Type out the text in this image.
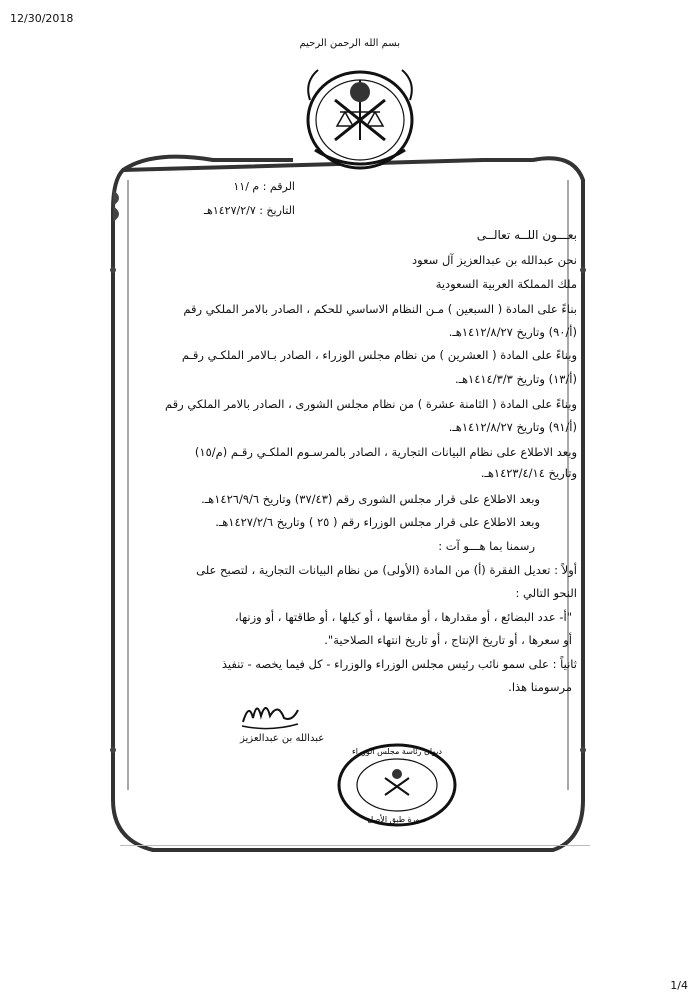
12/30/2018
1/4
بسم الله الرحمن الرحيم
الرقم : م /١١
التاريخ : ١٤٢٧/٢/٧هـ
بعـــون اللــه تعالــى
نحن عبدالله بن عبدالعزيز آل سعود
ملك المملكة العربية السعودية
بناءً على المادة ( السبعين ) مـن النظام الاساسي للحكم ، الصادر بالامر الملكي رقم
(أ/٩٠) وتاريخ ١٤١٢/٨/٢٧هـ.
وبناءً على المادة ( العشرين ) من نظام مجلس الوزراء ، الصادر بـالامر الملكـي رقـم
(أ/١٣) وتاريخ ١٤١٤/٣/٣هـ.
وبناءً على المادة ( الثامنة عشرة ) من نظام مجلس الشورى ، الصادر بالامر الملكي رقم
(أ/٩١) وتاريخ ١٤١٢/٨/٢٧هـ.
وبعد الاطلاع على نظام البيانات التجارية ، الصادر بالمرسـوم الملكـي رقـم (م/١٥)
وتاريخ ١٤٢٣/٤/١٤هـ.
وبعد الاطلاع على قرار مجلس الشورى رقم (٣٧/٤٣) وتاريخ ١٤٢٦/٩/٦هـ.
وبعد الاطلاع على قرار مجلس الوزراء رقم ( ٢٥ ) وتاريخ ١٤٢٧/٢/٦هـ.
رسمنا بما هـــو آت :
أولاً : تعديل الفقرة (أ) من المادة (الأولى) من نظام البيانات التجارية ، لتصبح على
النحو التالي :
"أ- عدد البضائع ، أو مقدارها ، أو مقاسها ، أو كيلها ، أو طاقتها ، أو وزنها،
أو سعرها ، أو تاريخ الإنتاج ، أو تاريخ انتهاء الصلاحية".
ثانياً : على سمو نائب رئيس مجلس الوزراء والوزراء - كل فيما يخصه - تنفيذ
مرسومنا هذا.
عبدالله بن عبدالعزيز
ديوان رئاسة مجلس الوزراء
صورة طبق الأصل
